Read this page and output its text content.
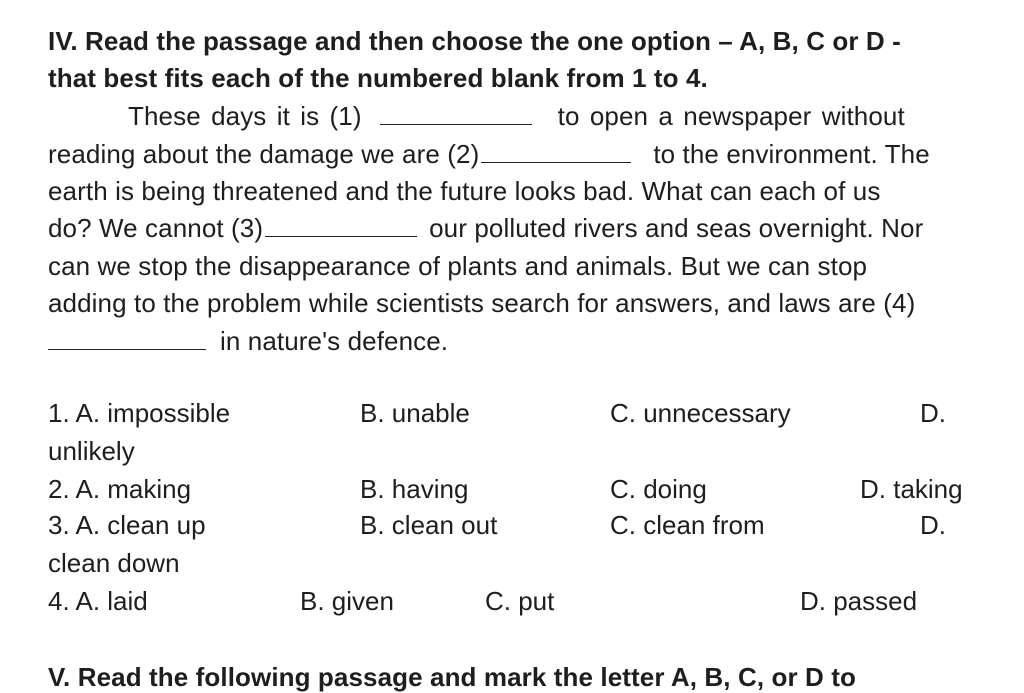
IV. Read the passage and then choose the one option – A, B, C or D -
that best fits each of the numbered blank from 1 to 4.
These days it is (1)	to open a newspaper without
reading about the damage we are (2)	to the environment. The
earth is being threatened and the future looks bad. What can each of us
do? We cannot (3)	our polluted rivers and seas overnight. Nor
can we stop the disappearance of plants and animals. But we can stop
adding to the problem while scientists search for answers, and laws are (4)
in nature's defence.
1. A. impossible	B. unable	C. unnecessary	D.
unlikely
2. A. making	B. having	C. doing	D. taking
3. A. clean up	B. clean out	C. clean from	D.
clean down
4. A. laid	B. given	C. put	D. passed
V. Read the following passage and mark the letter A, B, C, or D to
